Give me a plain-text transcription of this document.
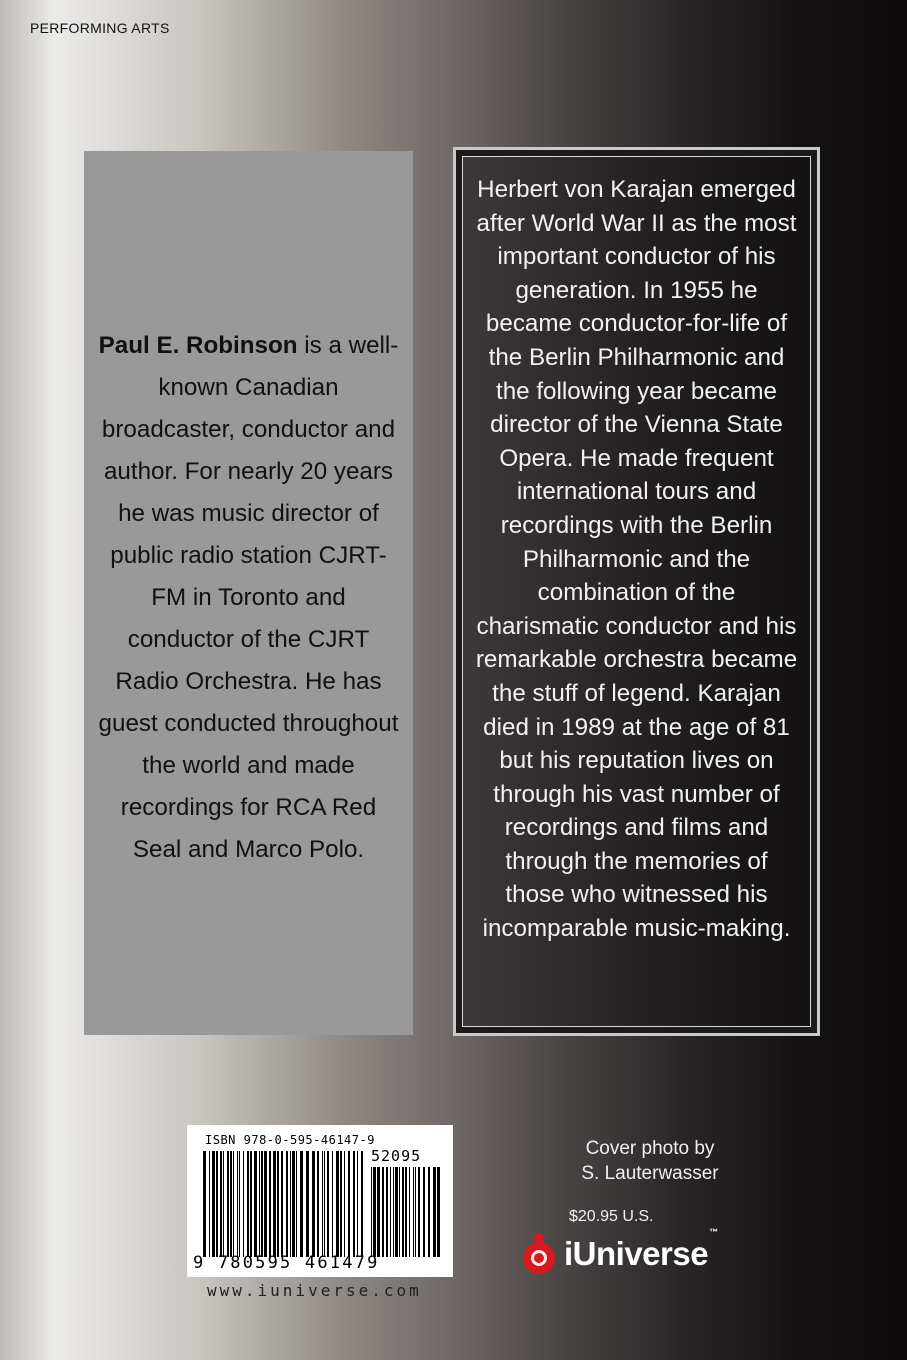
PERFORMING ARTS
Paul E. Robinson is a well-known Canadian broadcaster, conductor and author. For nearly 20 years he was music director of public radio station CJRT-FM in Toronto and conductor of the CJRT Radio Orchestra. He has guest conducted throughout the world and made recordings for RCA Red Seal and Marco Polo.
Herbert von Karajan emerged after World War II as the most important conductor of his generation. In 1955 he became conductor-for-life of the Berlin Philharmonic and the following year became director of the Vienna State Opera. He made frequent international tours and recordings with the Berlin Philharmonic and the combination of the charismatic conductor and his remarkable orchestra became the stuff of legend. Karajan died in 1989 at the age of 81 but his reputation lives on through his vast number of recordings and films and through the memories of those who witnessed his incomparable music-making.
ISBN 978-0-595-46147-9
52095
9 780595 461479
www.iuniverse.com
Cover photo by
S. Lauterwasser
$20.95 U.S.
iUniverse™
